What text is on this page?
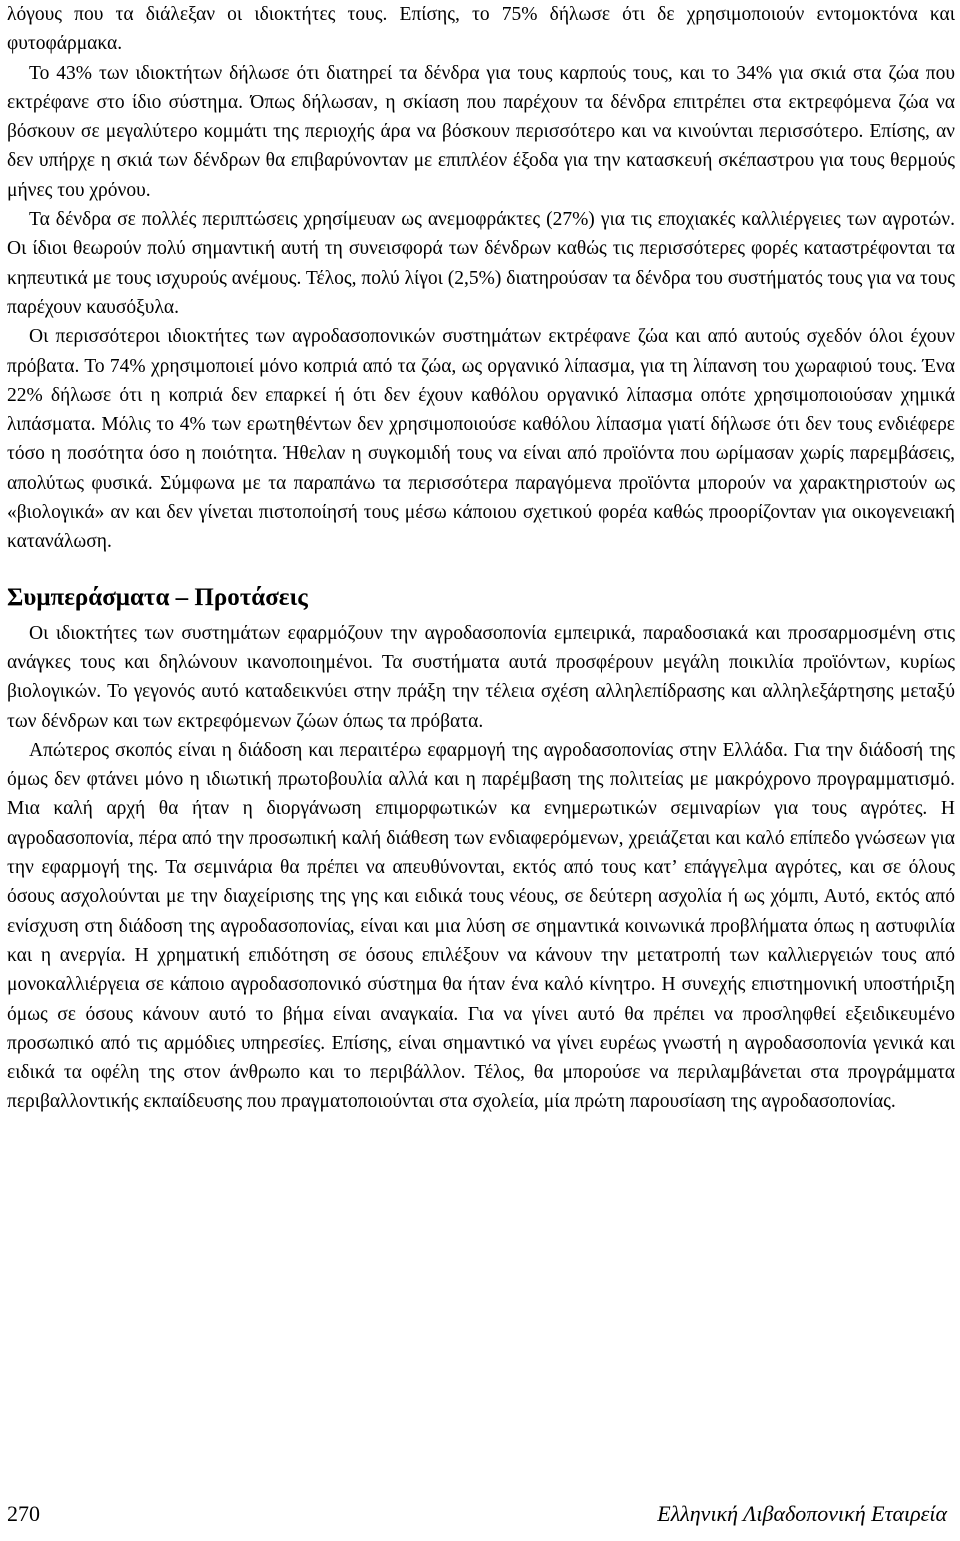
λόγους που τα διάλεξαν οι ιδιοκτήτες τους. Επίσης, το 75% δήλωσε ότι δε χρησιμοποιούν εντομοκτόνα και φυτοφάρμακα.

Το 43% των ιδιοκτήτων δήλωσε ότι διατηρεί τα δένδρα για τους καρπούς τους, και το 34% για σκιά στα ζώα που εκτρέφανε στο ίδιο σύστημα. Όπως δήλωσαν, η σκίαση που παρέχουν τα δένδρα επιτρέπει στα εκτρεφόμενα ζώα να βόσκουν σε μεγαλύτερο κομμάτι της περιοχής άρα να βόσκουν περισσότερο και να κινούνται περισσότερο. Επίσης, αν δεν υπήρχε η σκιά των δένδρων θα επιβαρύνονταν με επιπλέον έξοδα για την κατασκευή σκέπαστρου για τους θερμούς μήνες του χρόνου.

Τα δένδρα σε πολλές περιπτώσεις χρησίμευαν ως ανεμοφράκτες (27%) για τις εποχιακές καλλιέργειες των αγροτών. Οι ίδιοι θεωρούν πολύ σημαντική αυτή τη συνεισφορά των δένδρων καθώς τις περισσότερες φορές καταστρέφονται τα κηπευτικά με τους ισχυρούς ανέμους. Τέλος, πολύ λίγοι (2,5%) διατηρούσαν τα δένδρα του συστήματός τους για να τους παρέχουν καυσόξυλα.

Οι περισσότεροι ιδιοκτήτες των αγροδασοπονικών συστημάτων εκτρέφανε ζώα και από αυτούς σχεδόν όλοι έχουν πρόβατα. Το 74% χρησιμοποιεί μόνο κοπριά από τα ζώα, ως οργανικό λίπασμα, για τη λίπανση του χωραφιού τους. Ένα 22% δήλωσε ότι η κοπριά δεν επαρκεί ή ότι δεν έχουν καθόλου οργανικό λίπασμα οπότε χρησιμοποιούσαν χημικά λιπάσματα. Μόλις το 4% των ερωτηθέντων δεν χρησιμοποιούσε καθόλου λίπασμα γιατί δήλωσε ότι δεν τους ενδιέφερε τόσο η ποσότητα όσο η ποιότητα. Ήθελαν η συγκομιδή τους να είναι από προϊόντα που ωρίμασαν χωρίς παρεμβάσεις, απολύτως φυσικά. Σύμφωνα με τα παραπάνω τα περισσότερα παραγόμενα προϊόντα μπορούν να χαρακτηριστούν ως «βιολογικά» αν και δεν γίνεται πιστοποίησή τους μέσω κάποιου σχετικού φορέα καθώς προορίζονταν για οικογενειακή κατανάλωση.

Συμπεράσματα – Προτάσεις

Οι ιδιοκτήτες των συστημάτων εφαρμόζουν την αγροδασοπονία εμπειρικά, παραδοσιακά και προσαρμοσμένη στις ανάγκες τους και δηλώνουν ικανοποιημένοι. Τα συστήματα αυτά προσφέρουν μεγάλη ποικιλία προϊόντων, κυρίως βιολογικών. Το γεγονός αυτό καταδεικνύει στην πράξη την τέλεια σχέση αλληλεπίδρασης και αλληλεξάρτησης μεταξύ των δένδρων και των εκτρεφόμενων ζώων όπως τα πρόβατα.

Απώτερος σκοπός είναι η διάδοση και περαιτέρω εφαρμογή της αγροδασοπονίας στην Ελλάδα. Για την διάδοσή της όμως δεν φτάνει μόνο η ιδιωτική πρωτοβουλία αλλά και η παρέμβαση της πολιτείας με μακρόχρονο προγραμματισμό. Μια καλή αρχή θα ήταν η διοργάνωση επιμορφωτικών κα ενημερωτικών σεμιναρίων για τους αγρότες. Η αγροδασοπονία, πέρα από την προσωπική καλή διάθεση των ενδιαφερόμενων, χρειάζεται και καλό επίπεδο γνώσεων για την εφαρμογή της. Τα σεμινάρια θα πρέπει να απευθύνονται, εκτός από τους κατ’ επάγγελμα αγρότες, και σε όλους όσους ασχολούνται με την διαχείρισης της γης και ειδικά τους νέους, σε δεύτερη ασχολία ή ως χόμπι, Αυτό, εκτός από ενίσχυση στη διάδοση της αγροδασοπονίας, είναι και μια λύση σε σημαντικά κοινωνικά προβλήματα όπως η αστυφιλία και η ανεργία. Η χρηματική επιδότηση σε όσους επιλέξουν να κάνουν την μετατροπή των καλλιεργειών τους από μονοκαλλιέργεια σε κάποιο αγροδασοπονικό σύστημα θα ήταν ένα καλό κίνητρο. Η συνεχής επιστημονική υποστήριξη όμως σε όσους κάνουν αυτό το βήμα είναι αναγκαία. Για να γίνει αυτό θα πρέπει να προσληφθεί εξειδικευμένο προσωπικό από τις αρμόδιες υπηρεσίες. Επίσης, είναι σημαντικό να γίνει ευρέως γνωστή η αγροδασοπονία γενικά και ειδικά τα οφέλη της στον άνθρωπο και το περιβάλλον. Τέλος, θα μπορούσε να περιλαμβάνεται στα προγράμματα περιβαλλοντικής εκπαίδευσης που πραγματοποιούνται στα σχολεία, μία πρώτη παρουσίαση της αγροδασοπονίας.

270	Ελληνική Λιβαδοπονική Εταιρεία
